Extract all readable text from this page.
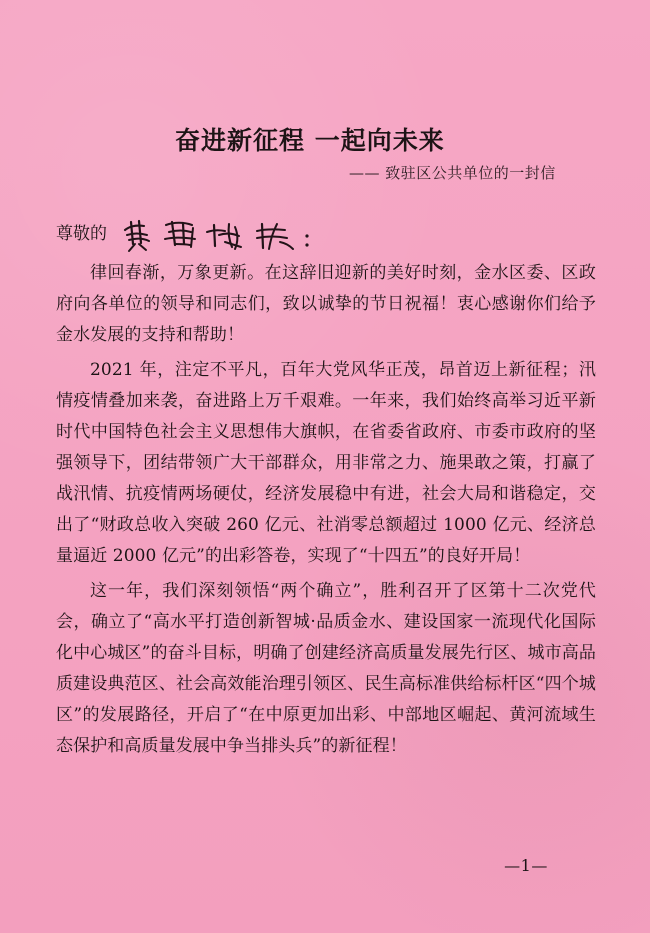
奋进新征程 一起向未来
—— 致驻区公共单位的一封信
尊敬的

律回春渐，万象更新。在这辞旧迎新的美好时刻，金水区委、区政府向各单位的领导和同志们，致以诚挚的节日祝福！衷心感谢你们给予金水发展的支持和帮助！

2021 年，注定不平凡，百年大党风华正茂，昂首迈上新征程；汛情疫情叠加来袭，奋进路上万千艰难。一年来，我们始终高举习近平新时代中国特色社会主义思想伟大旗帜，在省委省政府、市委市政府的坚强领导下，团结带领广大干部群众，用非常之力、施果敢之策，打赢了战汛情、抗疫情两场硬仗，经济发展稳中有进，社会大局和谐稳定，交出了“财政总收入突破 260 亿元、社消零总额超过 1000 亿元、经济总量逼近 2000 亿元”的出彩答卷，实现了“十四五”的良好开局！

这一年，我们深刻领悟“两个确立”，胜利召开了区第十二次党代会，确立了“高水平打造创新智城·品质金水、建设国家一流现代化国际化中心城区”的奋斗目标，明确了创建经济高质量发展先行区、城市高品质建设典范区、社会高效能治理引领区、民生高标准供给标杆区“四个城区”的发展路径，开启了“在中原更加出彩、中部地区崛起、黄河流域生态保护和高质量发展中争当排头兵”的新征程！

—1—
